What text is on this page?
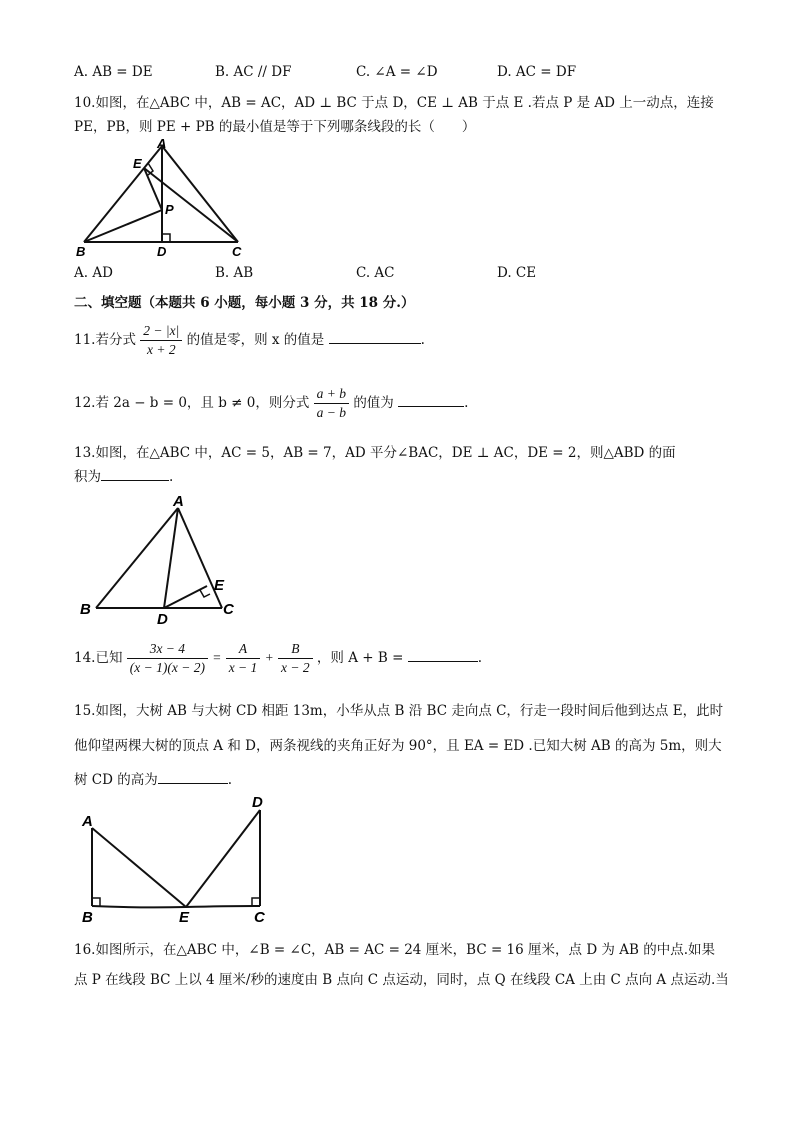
A. AB = DE	B. AC // DF	C. ∠A = ∠D	D. AC = DF
10.如图，在△ABC 中，AB = AC，AD ⊥ BC 于点 D，CE ⊥ AB 于点 E .若点 P 是 AD 上一动点，连接
PE，PB，则 PE + PB 的最小值是等于下列哪条线段的长（　　）
A
E
P
B	D	C
A. AD	B. AB	C. AC	D. CE
二、填空题（本题共 6 小题，每小题 3 分，共 18 分.）
11.若分式 $\frac{2 - |x|}{x + 2}$ 的值是零，则 x 的值是	.
12.若 2a − b = 0，且 b ≠ 0，则分式 $\frac{a + b}{a - b}$ 的值为	.
13.如图，在△ABC 中，AC = 5，AB = 7，AD 平分∠BAC，DE ⊥ AC，DE = 2，则△ABD 的面
积为	.
A
E
B
D
C
14.已知 $\frac{3x - 4}{(x - 1)(x - 2)} = \frac{A}{x - 1} + \frac{B}{x - 2}$ ，则 A + B =	.
15.如图，大树 AB 与大树 CD 相距 13m，小华从点 B 沿 BC 走向点 C，行走一段时间后他到达点 E，此时
他仰望两棵大树的顶点 A 和 D，两条视线的夹角正好为 90°，且 EA = ED .已知大树 AB 的高为 5m，则大
树 CD 的高为	.
A
D
B	E	C
16.如图所示，在△ABC 中，∠B = ∠C，AB = AC = 24 厘米，BC = 16 厘米，点 D 为 AB 的中点.如果
点 P 在线段 BC 上以 4 厘米/秒的速度由 B 点向 C 点运动，同时，点 Q 在线段 CA 上由 C 点向 A 点运动.当
